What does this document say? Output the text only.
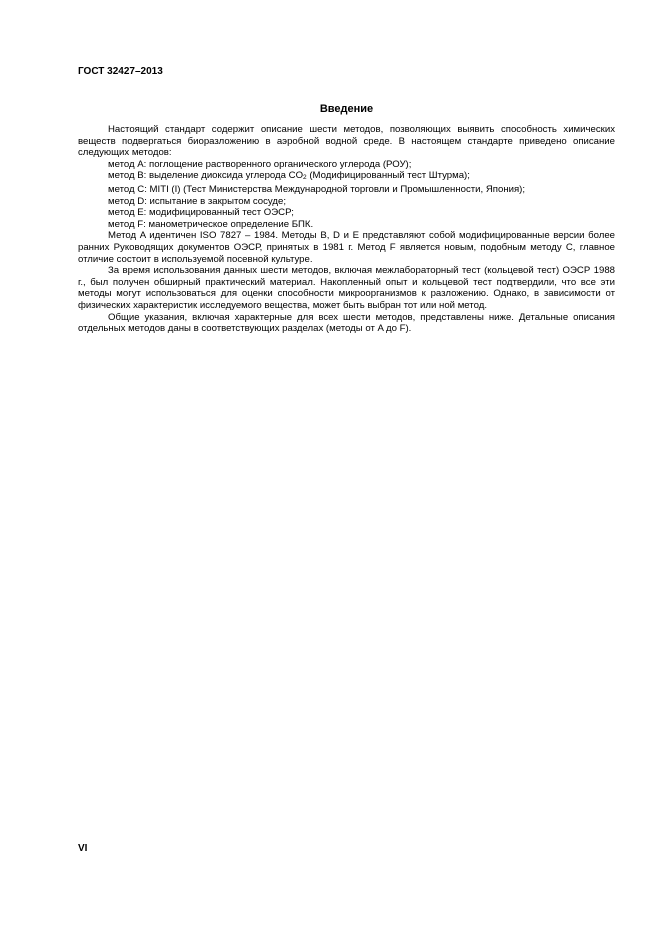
ГОСТ 32427–2013
Введение

Настоящий стандарт содержит описание шести методов, позволяющих выявить способность химических веществ подвергаться биоразложению в аэробной водной среде. В настоящем стандарте приведено описание следующих методов:

метод A: поглощение растворенного органического углерода (РОУ);

метод B: выделение диоксида углерода CO2 (Модифицированный тест Штурма);

метод C: MITI (I) (Тест Министерства Международной торговли и Промышленности, Япония);

метод D: испытание в закрытом сосуде;

метод E: модифицированный тест ОЭСР;

метод F: манометрическое определение БПК.

Метод A идентичен ISO 7827 – 1984. Методы B, D и E представляют собой модифицированные версии более ранних Руководящих документов ОЭСР, принятых в 1981 г. Метод F является новым, подобным методу C, главное отличие состоит в используемой посевной культуре.

За время использования данных шести методов, включая межлабораторный тест (кольцевой тест) ОЭСР 1988 г., был получен обширный практический материал. Накопленный опыт и кольцевой тест подтвердили, что все эти методы могут использоваться для оценки способности микроорганизмов к разложению. Однако, в зависимости от физических характеристик исследуемого вещества, может быть выбран тот или ной метод.

Общие указания, включая характерные для всех шести методов, представлены ниже. Детальные описания отдельных методов даны в соответствующих разделах (методы от A до F).

VI
